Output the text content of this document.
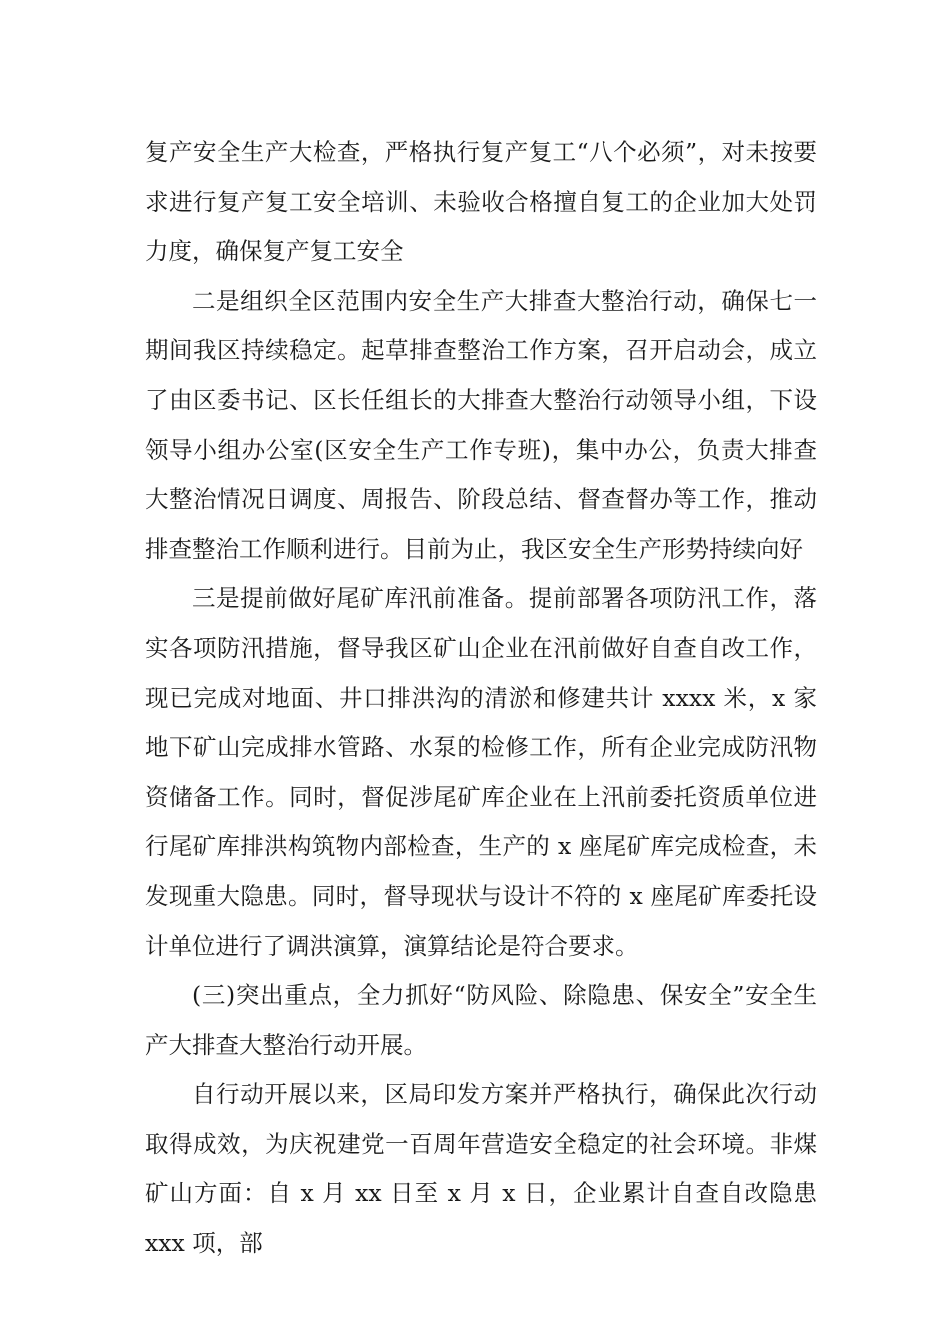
复产安全生产大检查，严格执行复产复工“八个必须”，对未按要求进行复产复工安全培训、未验收合格擅自复工的企业加大处罚力度，确保复产复工安全

二是组织全区范围内安全生产大排查大整治行动，确保七一期间我区持续稳定。起草排查整治工作方案，召开启动会，成立了由区委书记、区长任组长的大排查大整治行动领导小组，下设领导小组办公室(区安全生产工作专班)，集中办公，负责大排查大整治情况日调度、周报告、阶段总结、督查督办等工作，推动排查整治工作顺利进行。目前为止，我区安全生产形势持续向好

三是提前做好尾矿库汛前准备。提前部署各项防汛工作，落实各项防汛措施，督导我区矿山企业在汛前做好自查自改工作，现已完成对地面、井口排洪沟的清淤和修建共计 xxxx 米，x 家地下矿山完成排水管路、水泵的检修工作，所有企业完成防汛物资储备工作。同时，督促涉尾矿库企业在上汛前委托资质单位进行尾矿库排洪构筑物内部检查，生产的 x 座尾矿库完成检查，未发现重大隐患。同时，督导现状与设计不符的 x 座尾矿库委托设计单位进行了调洪演算，演算结论是符合要求。

(三)突出重点，全力抓好“防风险、除隐患、保安全”安全生产大排查大整治行动开展。

自行动开展以来，区局印发方案并严格执行，确保此次行动取得成效，为庆祝建党一百周年营造安全稳定的社会环境。非煤矿山方面：自 x 月 xx 日至 x 月 x 日，企业累计自查自改隐患 xxx 项，部
